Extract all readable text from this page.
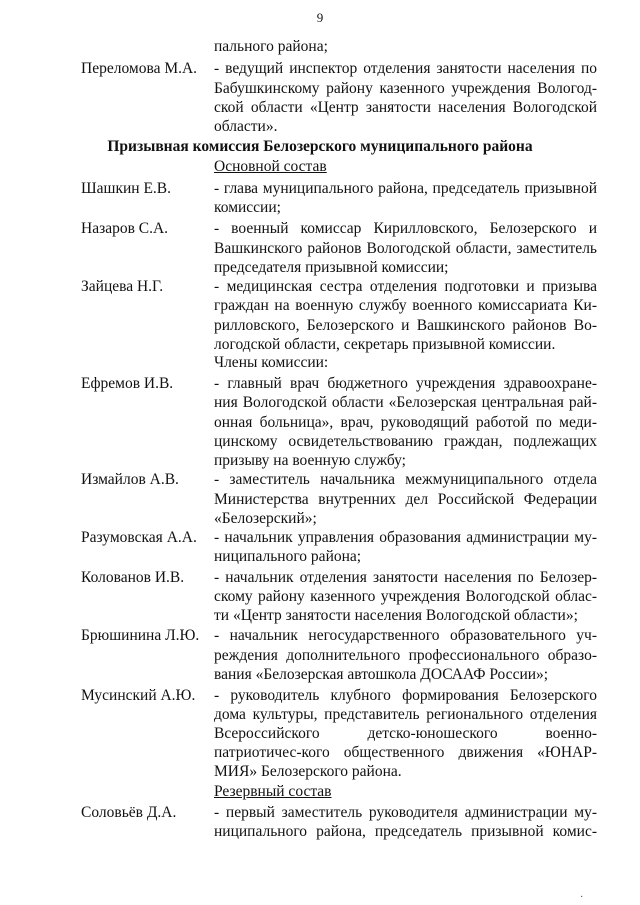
9
пального района;
Переломова М.А. - ведущий инспектор отделения занятости населения по
Бабушкинскому району казенного учреждения Вологод-
ской области «Центр занятости населения Вологодской
области».
Призывная комиссия Белозерского муниципального района
Основной состав
Шашкин Е.В.	- глава муниципального района, председатель призывной
комиссии;
Назаров С.А.	- военный комиссар Кирилловского, Белозерского и
Вашкинского районов Вологодской области, заместитель
председателя призывной комиссии;
Зайцева Н.Г.	- медицинская сестра отделения подготовки и призыва
граждан на военную службу военного комиссариата Ки-
рилловского, Белозерского и Вашкинского районов Во-
логодской области, секретарь призывной комиссии.
Члены комиссии:
Ефремов И.В.	- главный врач бюджетного учреждения здравоохране-
ния Вологодской области «Белозерская центральная рай-
онная больница», врач, руководящий работой по меди-
цинскому освидетельствованию граждан, подлежащих
призыву на военную службу;
Измайлов А.В. - заместитель начальника межмуниципального отдела
Министерства внутренних дел Российской Федерации
«Белозерский»;
Разумовская А.А. - начальник управления образования администрации му-
ниципального района;
Колованов И.В. - начальник отделения занятости населения по Белозер-
скому району казенного учреждения Вологодской облас-
ти «Центр занятости населения Вологодской области»;
Брюшинина Л.Ю. - начальник негосударственного образовательного уч-
реждения дополнительного профессионального образо-
вания «Белозерская автошкола ДОСААФ России»;
Мусинский А.Ю. - руководитель клубного формирования Белозерского
дома культуры, представитель регионального отделения
Всероссийского детско-юношеского военно-
патриотичес-кого общественного движения «ЮНАР-
МИЯ» Белозерского района.
Резервный состав
Соловьёв Д.А. - первый заместитель руководителя администрации му-
ниципального района, председатель призывной комис-
·
